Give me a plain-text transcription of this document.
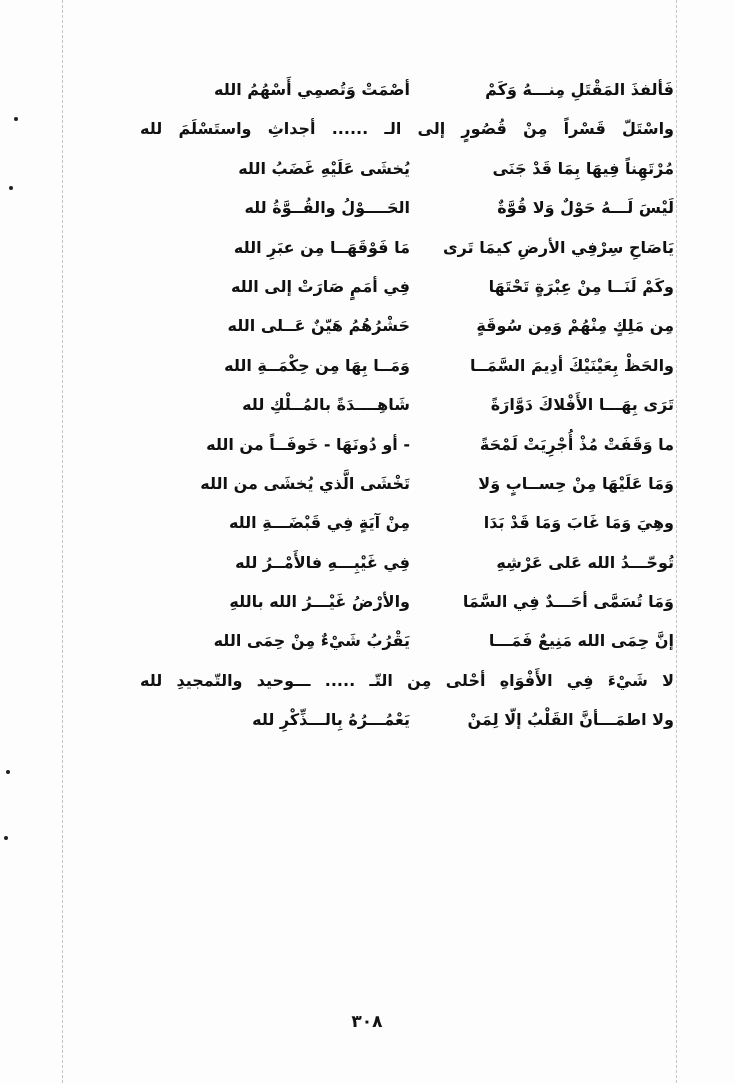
فَألفذَ المَقْتَلِ مِنـــهُ وَكَمْ
أصْمَتْ وَتُصمِي أَسْهُمُ الله
واسْتَلّ قَسْراً مِنْ قُصُورٍ إلى الـ ...... أجداثِ واستَسْلَمَ لله
مُرْتَهِناً فِيهَا بِمَا قَدْ جَنَى
يُخشَى عَلَيْهِ غَضَبُ الله
لَيْسَ لَـــهُ حَوْلٌ وَلا قُوَّةٌ
الحَــــوْلُ والقُــوَّةُ لله
يَاصَاحِ سِرْفِي الأرضِ كيمَا تَرى
مَا فَوْقَهَــا مِن عبَرِ الله
وكَمْ لَنَــا مِنْ عِبْرَةٍ تَحْتَهَا
فِي أمَمٍ صَارَتْ إلى الله
مِن مَلِكٍ مِنْهُمْ وَمِن سُوقَةٍ
حَشْرُهُمُ هَيّنٌ عَــلى الله
والحَظْ بِعَيْنَيْكَ أدِيمَ السَّمَــا
وَمَــا بِهَا مِن حِكْمَــةِ الله
تَرَى بِهَـــا الأَفْلاكَ دَوَّارَةً
شَاهِــــدَةً بالمُــلْكِ لله
ما وَقَفَتْ مُذْ أُجْرِيَتْ لَمْحَةً
- أو دُونَهَا - خَوفَــاً من الله
وَمَا عَلَيْهَا مِنْ حِســابٍ وَلا
تَخْشَى الَّذي يُخشَى من الله
وهِيَ وَمَا غَابَ وَمَا قَدْ بَدَا
مِنْ آيَةٍ فِي قَبْضَـــةِ الله
تُوحّـــدُ الله عَلى عَرْشِهِ
فِي غَيْبِـــهِ فالأَمْــرُ لله
وَمَا تُسَمَّى أحَـــدٌ فِي السَّمَا
والأرْضُ غَيْـــرُ الله باللهِ
إنَّ حِمَى الله مَنِيعٌ فَمَـــا
يَقْرُبُ شَيْءٌ مِنْ حِمَى الله
لا شَيْءَ فِي الأَفْوَاهِ أحْلى مِن التّـ ..... ـــوحيد والتّمجيدِ لله
ولا اطمَـــأنَّ القَلْبُ إلّا لِمَنْ
يَعْمُـــرُهُ بِالـــذِّكْرِ لله
٣٠٨
